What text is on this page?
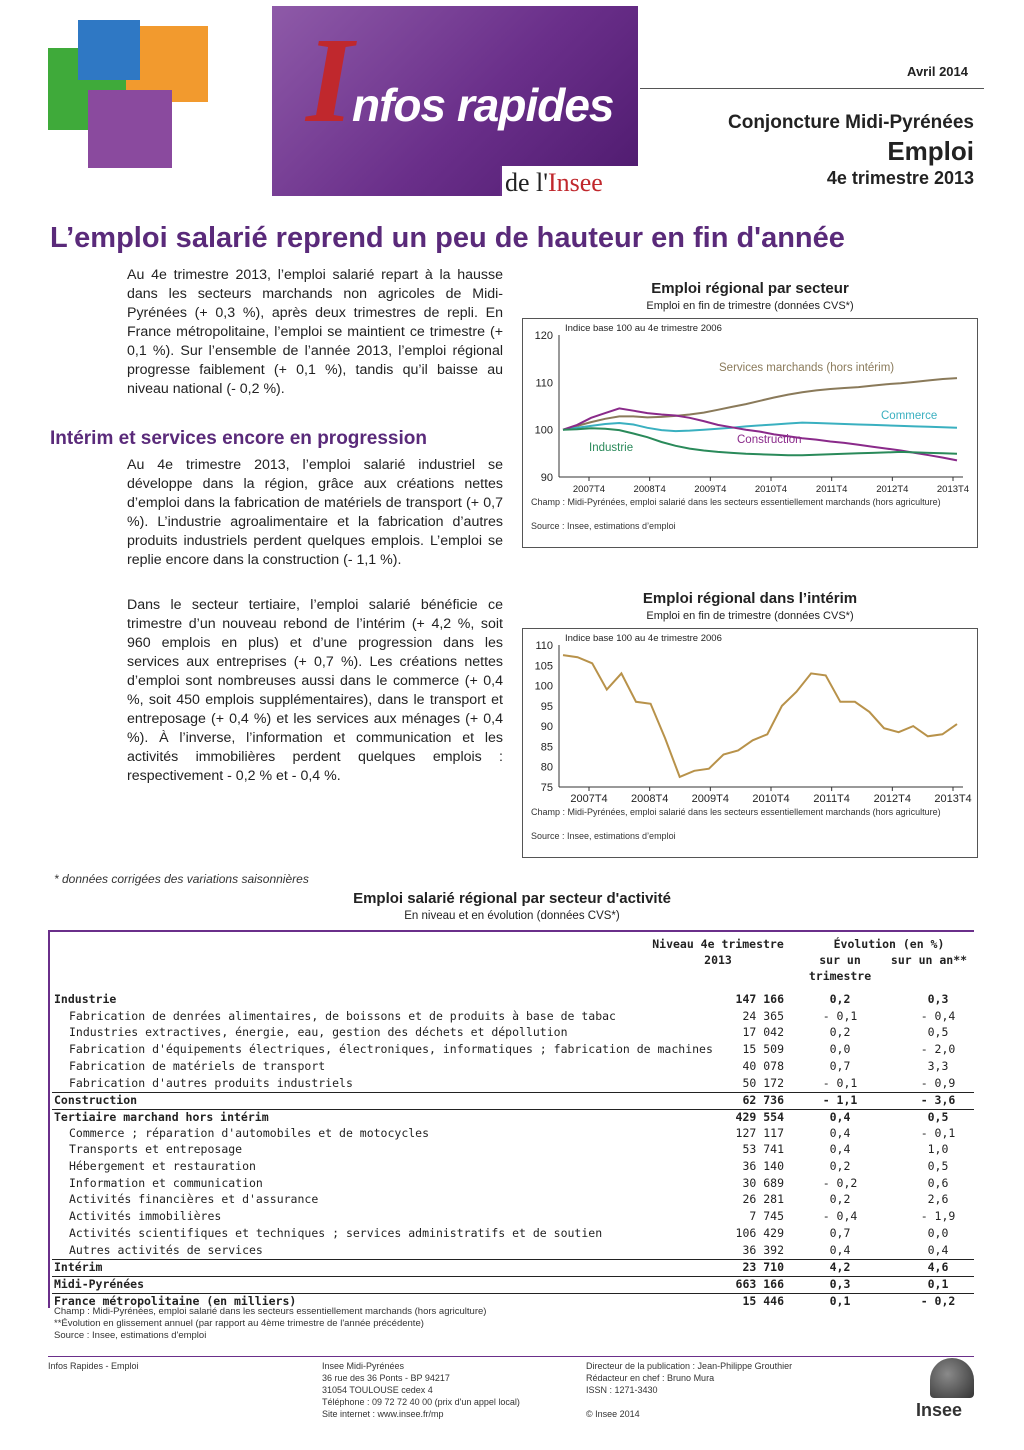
I
nfos rapides
de l'Insee
Avril 2014
Conjoncture Midi-Pyrénées
Emploi
4e trimestre 2013
L’emploi salarié reprend un peu de hauteur en fin d'année
Au 4e trimestre 2013, l’emploi salarié repart à la hausse dans les secteurs marchands non agricoles de Midi-Pyrénées (+ 0,3 %), après deux trimestres de repli. En France métropolitaine, l’emploi se maintient ce trimestre (+ 0,1 %). Sur l’ensemble de l’année 2013, l’emploi régional progresse faiblement (+ 0,1 %), tandis qu’il baisse au niveau national (- 0,2 %).
Intérim et services encore en progression
Au 4e trimestre 2013, l’emploi salarié industriel se développe dans la région, grâce aux créations nettes d’emploi dans la fabrication de matériels de transport (+ 0,7 %). L’industrie agroalimentaire et la fabrication d’autres produits industriels perdent quelques emplois. L’emploi se replie encore dans la construction (- 1,1 %).
Dans le secteur tertiaire, l’emploi salarié bénéficie ce trimestre d’un nouveau rebond de l’intérim (+ 4,2 %, soit 960 emplois en plus) et d’une progression dans les services aux entreprises (+ 0,7 %). Les créations nettes d’emploi sont nombreuses aussi dans le commerce (+ 0,4 %, soit 450 emplois supplémentaires), dans le transport et entreposage (+ 0,4 %) et les services aux ménages (+ 0,4 %). À l’inverse, l’information et communication et les activités immobilières perdent quelques emplois : respectivement - 0,2 % et - 0,4 %.
Emploi régional par secteur
Emploi en fin de trimestre (données CVS*)
90
100
110
120
Indice base 100 au 4e trimestre 2006
2007T4	2008T4	2009T4	2010T4	2011T4	2012T4	2013T4
Services marchands (hors intérim)
Commerce
Construction
Industrie
Champ : Midi-Pyrénées, emploi salarié dans les secteurs essentiellement marchands (hors agriculture)
Source : Insee, estimations d’emploi
Emploi régional dans l’intérim
Emploi en fin de trimestre (données CVS*)
75
80
85
90
95
100
105
110
Indice base 100 au 4e trimestre 2006
2007T4 2008T4 2009T4 2010T4 2011T4 2012T4 2013T4
Champ : Midi-Pyrénées, emploi salarié dans les secteurs essentiellement marchands (hors agriculture)
Source : Insee, estimations d’emploi
* données corrigées des variations saisonnières
Emploi salarié régional par secteur d'activité
En niveau et en évolution (données CVS*)
Niveau 4e trimestre 2013
Évolution (en %)
sur un trimestre
sur un an**
Industrie	147 166	0,2	0,3
Fabrication de denrées alimentaires, de boissons et de produits à base de tabac	24 365	- 0,1	- 0,4
Industries extractives, énergie, eau, gestion des déchets et dépollution	17 042	0,2	0,5
Fabrication d'équipements électriques, électroniques, informatiques ; fabrication de machines	15 509	0,0	- 2,0
Fabrication de matériels de transport	40 078	0,7	3,3
Fabrication d'autres produits industriels	50 172	- 0,1	- 0,9
Construction	62 736	- 1,1	- 3,6
Tertiaire marchand hors intérim	429 554	0,4	0,5
Commerce ; réparation d'automobiles et de motocycles	127 117	0,4	- 0,1
Transports et entreposage	53 741	0,4	1,0
Hébergement et restauration	36 140	0,2	0,5
Information et communication	30 689	- 0,2	0,6
Activités financières et d'assurance	26 281	0,2	2,6
Activités immobilières	7 745	- 0,4	- 1,9
Activités scientifiques et techniques ; services administratifs et de soutien	106 429	0,7	0,0
Autres activités de services	36 392	0,4	0,4
Intérim	23 710	4,2	4,6
Midi-Pyrénées	663 166	0,3	0,1
France métropolitaine (en milliers)	15 446	0,1	- 0,2
Champ : Midi-Pyrénées, emploi salarié dans les secteurs essentiellement marchands (hors agriculture)
**Évolution en glissement annuel (par rapport au 4ème trimestre de l'année précédente)
Source : Insee, estimations d'emploi
Infos Rapides - Emploi	Insee Midi-Pyrénées
36 rue des 36 Ponts - BP 94217
31054 TOULOUSE cedex 4
Téléphone : 09 72 72 40 00 (prix d'un appel local)
Site internet : www.insee.fr/mp
Directeur de la publication : Jean-Philippe Grouthier
Rédacteur en chef : Bruno Mura
ISSN : 1271-3430
© Insee 2014	Insee
